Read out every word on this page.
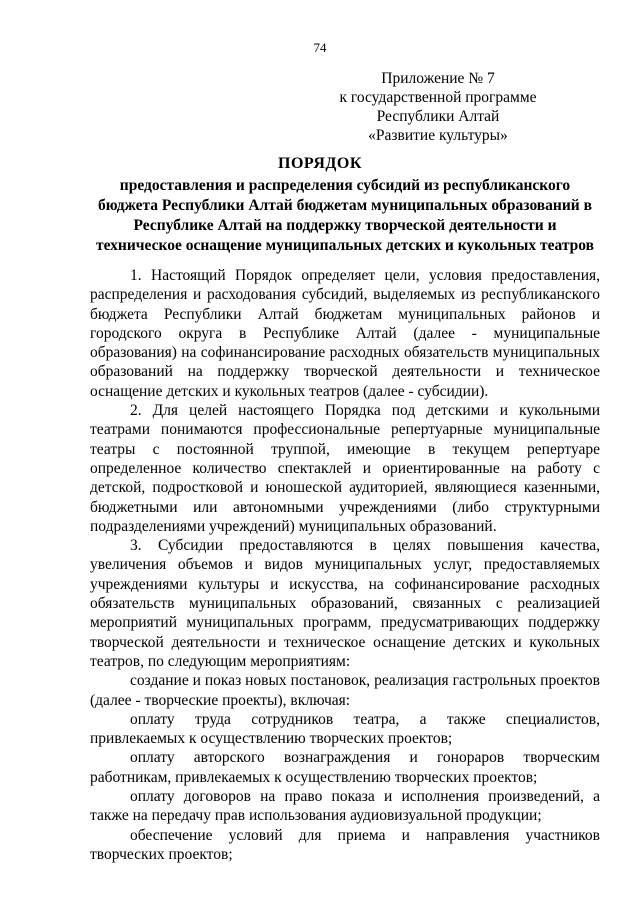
74
Приложение № 7
к государственной программе
Республики Алтай
«Развитие культуры»
ПОРЯДОК
предоставления и распределения субсидий из республиканского бюджета Республики Алтай бюджетам муниципальных образований в Республике Алтай на поддержку творческой деятельности и техническое оснащение муниципальных детских и кукольных театров

1. Настоящий Порядок определяет цели, условия предоставления, распределения и расходования субсидий, выделяемых из республиканского бюджета Республики Алтай бюджетам муниципальных районов и городского округа в Республике Алтай (далее - муниципальные образования) на софинансирование расходных обязательств муниципальных образований на поддержку творческой деятельности и техническое оснащение детских и кукольных театров (далее - субсидии).

2. Для целей настоящего Порядка под детскими и кукольными театрами понимаются профессиональные репертуарные муниципальные театры с постоянной труппой, имеющие в текущем репертуаре определенное количество спектаклей и ориентированные на работу с детской, подростковой и юношеской аудиторией, являющиеся казенными, бюджетными или автономными учреждениями (либо структурными подразделениями учреждений) муниципальных образований.

3. Субсидии предоставляются в целях повышения качества, увеличения объемов и видов муниципальных услуг, предоставляемых учреждениями культуры и искусства, на софинансирование расходных обязательств муниципальных образований, связанных с реализацией мероприятий муниципальных программ, предусматривающих поддержку творческой деятельности и техническое оснащение детских и кукольных театров, по следующим мероприятиям:

создание и показ новых постановок, реализация гастрольных проектов (далее - творческие проекты), включая:

оплату труда сотрудников театра, а также специалистов, привлекаемых к осуществлению творческих проектов;

оплату авторского вознаграждения и гонораров творческим работникам, привлекаемых к осуществлению творческих проектов;

оплату договоров на право показа и исполнения произведений, а также на передачу прав использования аудиовизуальной продукции;

обеспечение условий для приема и направления участников творческих проектов;
